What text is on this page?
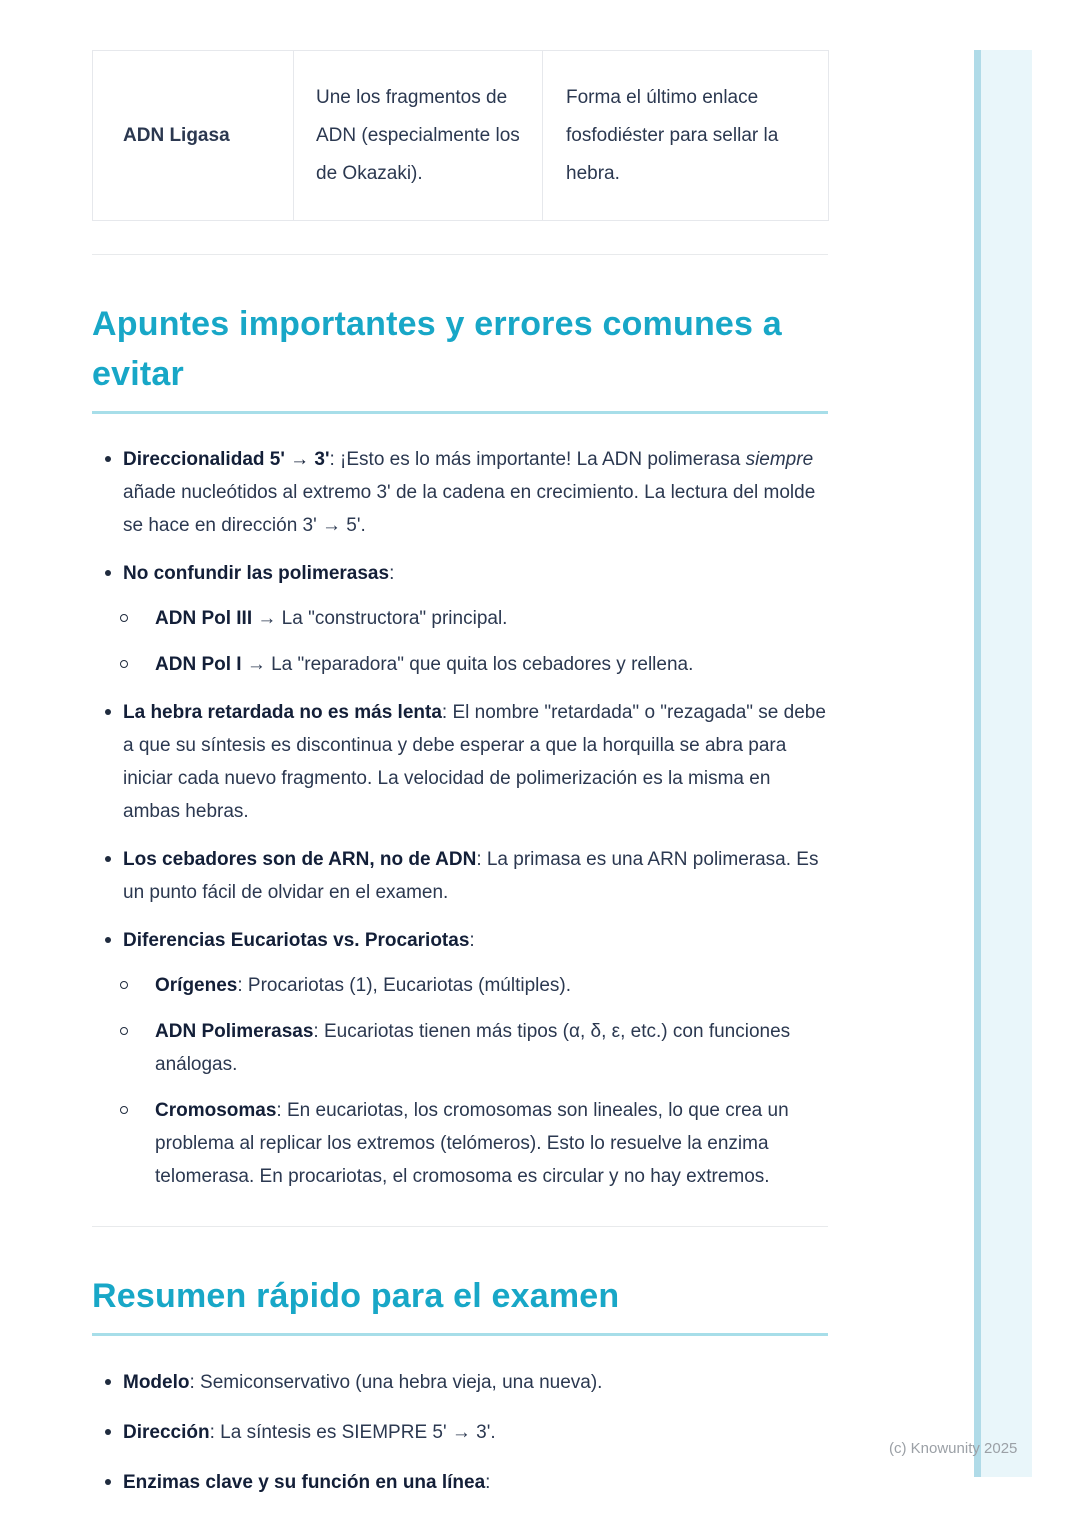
(c) Knowunity 2025
ADN Ligasa	Une los fragmentos de ADN (especialmente los de Okazaki).	Forma el último enlace fosfodiéster para sellar la hebra.
Apuntes importantes y errores comunes a evitar
Direccionalidad 5' → 3': ¡Esto es lo más importante! La ADN polimerasa siempre añade nucleótidos al extremo 3' de la cadena en crecimiento. La lectura del molde se hace en dirección 3' → 5'.
No confundir las polimerasas:
ADN Pol III → La "constructora" principal.
ADN Pol I → La "reparadora" que quita los cebadores y rellena.
La hebra retardada no es más lenta: El nombre "retardada" o "rezagada" se debe a que su síntesis es discontinua y debe esperar a que la horquilla se abra para iniciar cada nuevo fragmento. La velocidad de polimerización es la misma en ambas hebras.
Los cebadores son de ARN, no de ADN: La primasa es una ARN polimerasa. Es un punto fácil de olvidar en el examen.
Diferencias Eucariotas vs. Procariotas:
Orígenes: Procariotas (1), Eucariotas (múltiples).
ADN Polimerasas: Eucariotas tienen más tipos (α, δ, ε, etc.) con funciones análogas.
Cromosomas: En eucariotas, los cromosomas son lineales, lo que crea un problema al replicar los extremos (telómeros). Esto lo resuelve la enzima telomerasa. En procariotas, el cromosoma es circular y no hay extremos.
Resumen rápido para el examen
Modelo: Semiconservativo (una hebra vieja, una nueva).
Dirección: La síntesis es SIEMPRE 5' → 3'.
Enzimas clave y su función en una línea:
